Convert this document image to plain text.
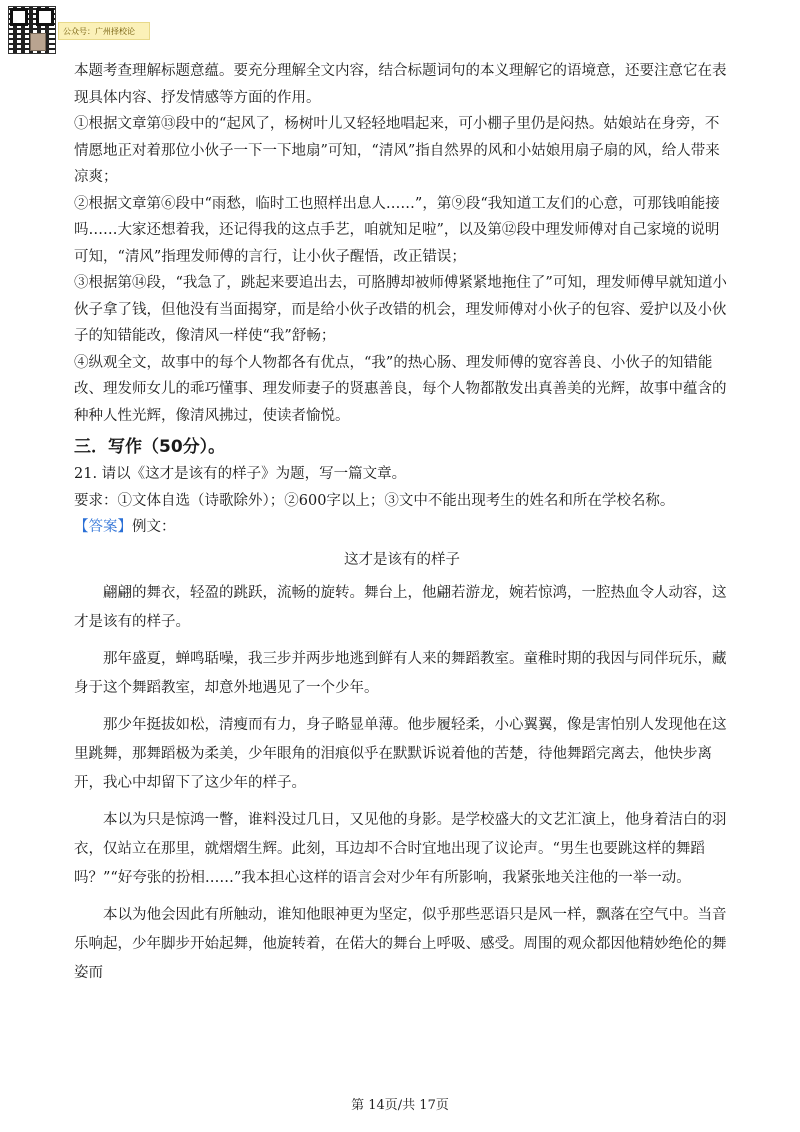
公众号：广州择校论

本题考查理解标题意蕴。要充分理解全文内容，结合标题词句的本义理解它的语境意，还要注意它在表现具体内容、抒发情感等方面的作用。

①根据文章第⑬段中的“起风了，杨树叶儿又轻轻地唱起来，可小棚子里仍是闷热。姑娘站在身旁，不情愿地正对着那位小伙子一下一下地扇”可知，“清风”指自然界的风和小姑娘用扇子扇的风，给人带来凉爽；

②根据文章第⑥段中“雨愁，临时工也照样出息人……”，第⑨段“我知道工友们的心意，可那钱咱能接吗……大家还想着我，还记得我的这点手艺，咱就知足啦”，以及第⑫段中理发师傅对自己家境的说明可知，“清风”指理发师傅的言行，让小伙子醒悟，改正错误；

③根据第⑭段，“我急了，跳起来要追出去，可胳膊却被师傅紧紧地拖住了”可知，理发师傅早就知道小伙子拿了钱，但他没有当面揭穿，而是给小伙子改错的机会，理发师傅对小伙子的包容、爱护以及小伙子的知错能改，像清风一样使“我”舒畅；

④纵观全文，故事中的每个人物都各有优点，“我”的热心肠、理发师傅的宽容善良、小伙子的知错能改、理发师女儿的乖巧懂事、理发师妻子的贤惠善良，每个人物都散发出真善美的光辉，故事中蕴含的种种人性光辉，像清风拂过，使读者愉悦。

三．写作（50分）。

21. 请以《这才是该有的样子》为题，写一篇文章。

要求：①文体自选（诗歌除外）；②600字以上；③文中不能出现考生的姓名和所在学校名称。

【答案】例文：

这才是该有的样子

翩翩的舞衣，轻盈的跳跃，流畅的旋转。舞台上，他翩若游龙，婉若惊鸿，一腔热血令人动容，这才是该有的样子。

那年盛夏，蝉鸣聒噪，我三步并两步地逃到鲜有人来的舞蹈教室。童稚时期的我因与同伴玩乐，藏身于这个舞蹈教室，却意外地遇见了一个少年。

那少年挺拔如松，清瘦而有力，身子略显单薄。他步履轻柔，小心翼翼，像是害怕别人发现他在这里跳舞，那舞蹈极为柔美，少年眼角的泪痕似乎在默默诉说着他的苦楚，待他舞蹈完离去，他快步离开，我心中却留下了这少年的样子。

本以为只是惊鸿一瞥，谁料没过几日，又见他的身影。是学校盛大的文艺汇演上，他身着洁白的羽衣，仅站立在那里，就熠熠生辉。此刻，耳边却不合时宜地出现了议论声。“男生也要跳这样的舞蹈吗？”“好夸张的扮相……”我本担心这样的语言会对少年有所影响，我紧张地关注他的一举一动。

本以为他会因此有所触动，谁知他眼神更为坚定，似乎那些恶语只是风一样，飘落在空气中。当音乐响起，少年脚步开始起舞，他旋转着，在偌大的舞台上呼吸、感受。周围的观众都因他精妙绝伦的舞姿而

第 14页/共 17页
